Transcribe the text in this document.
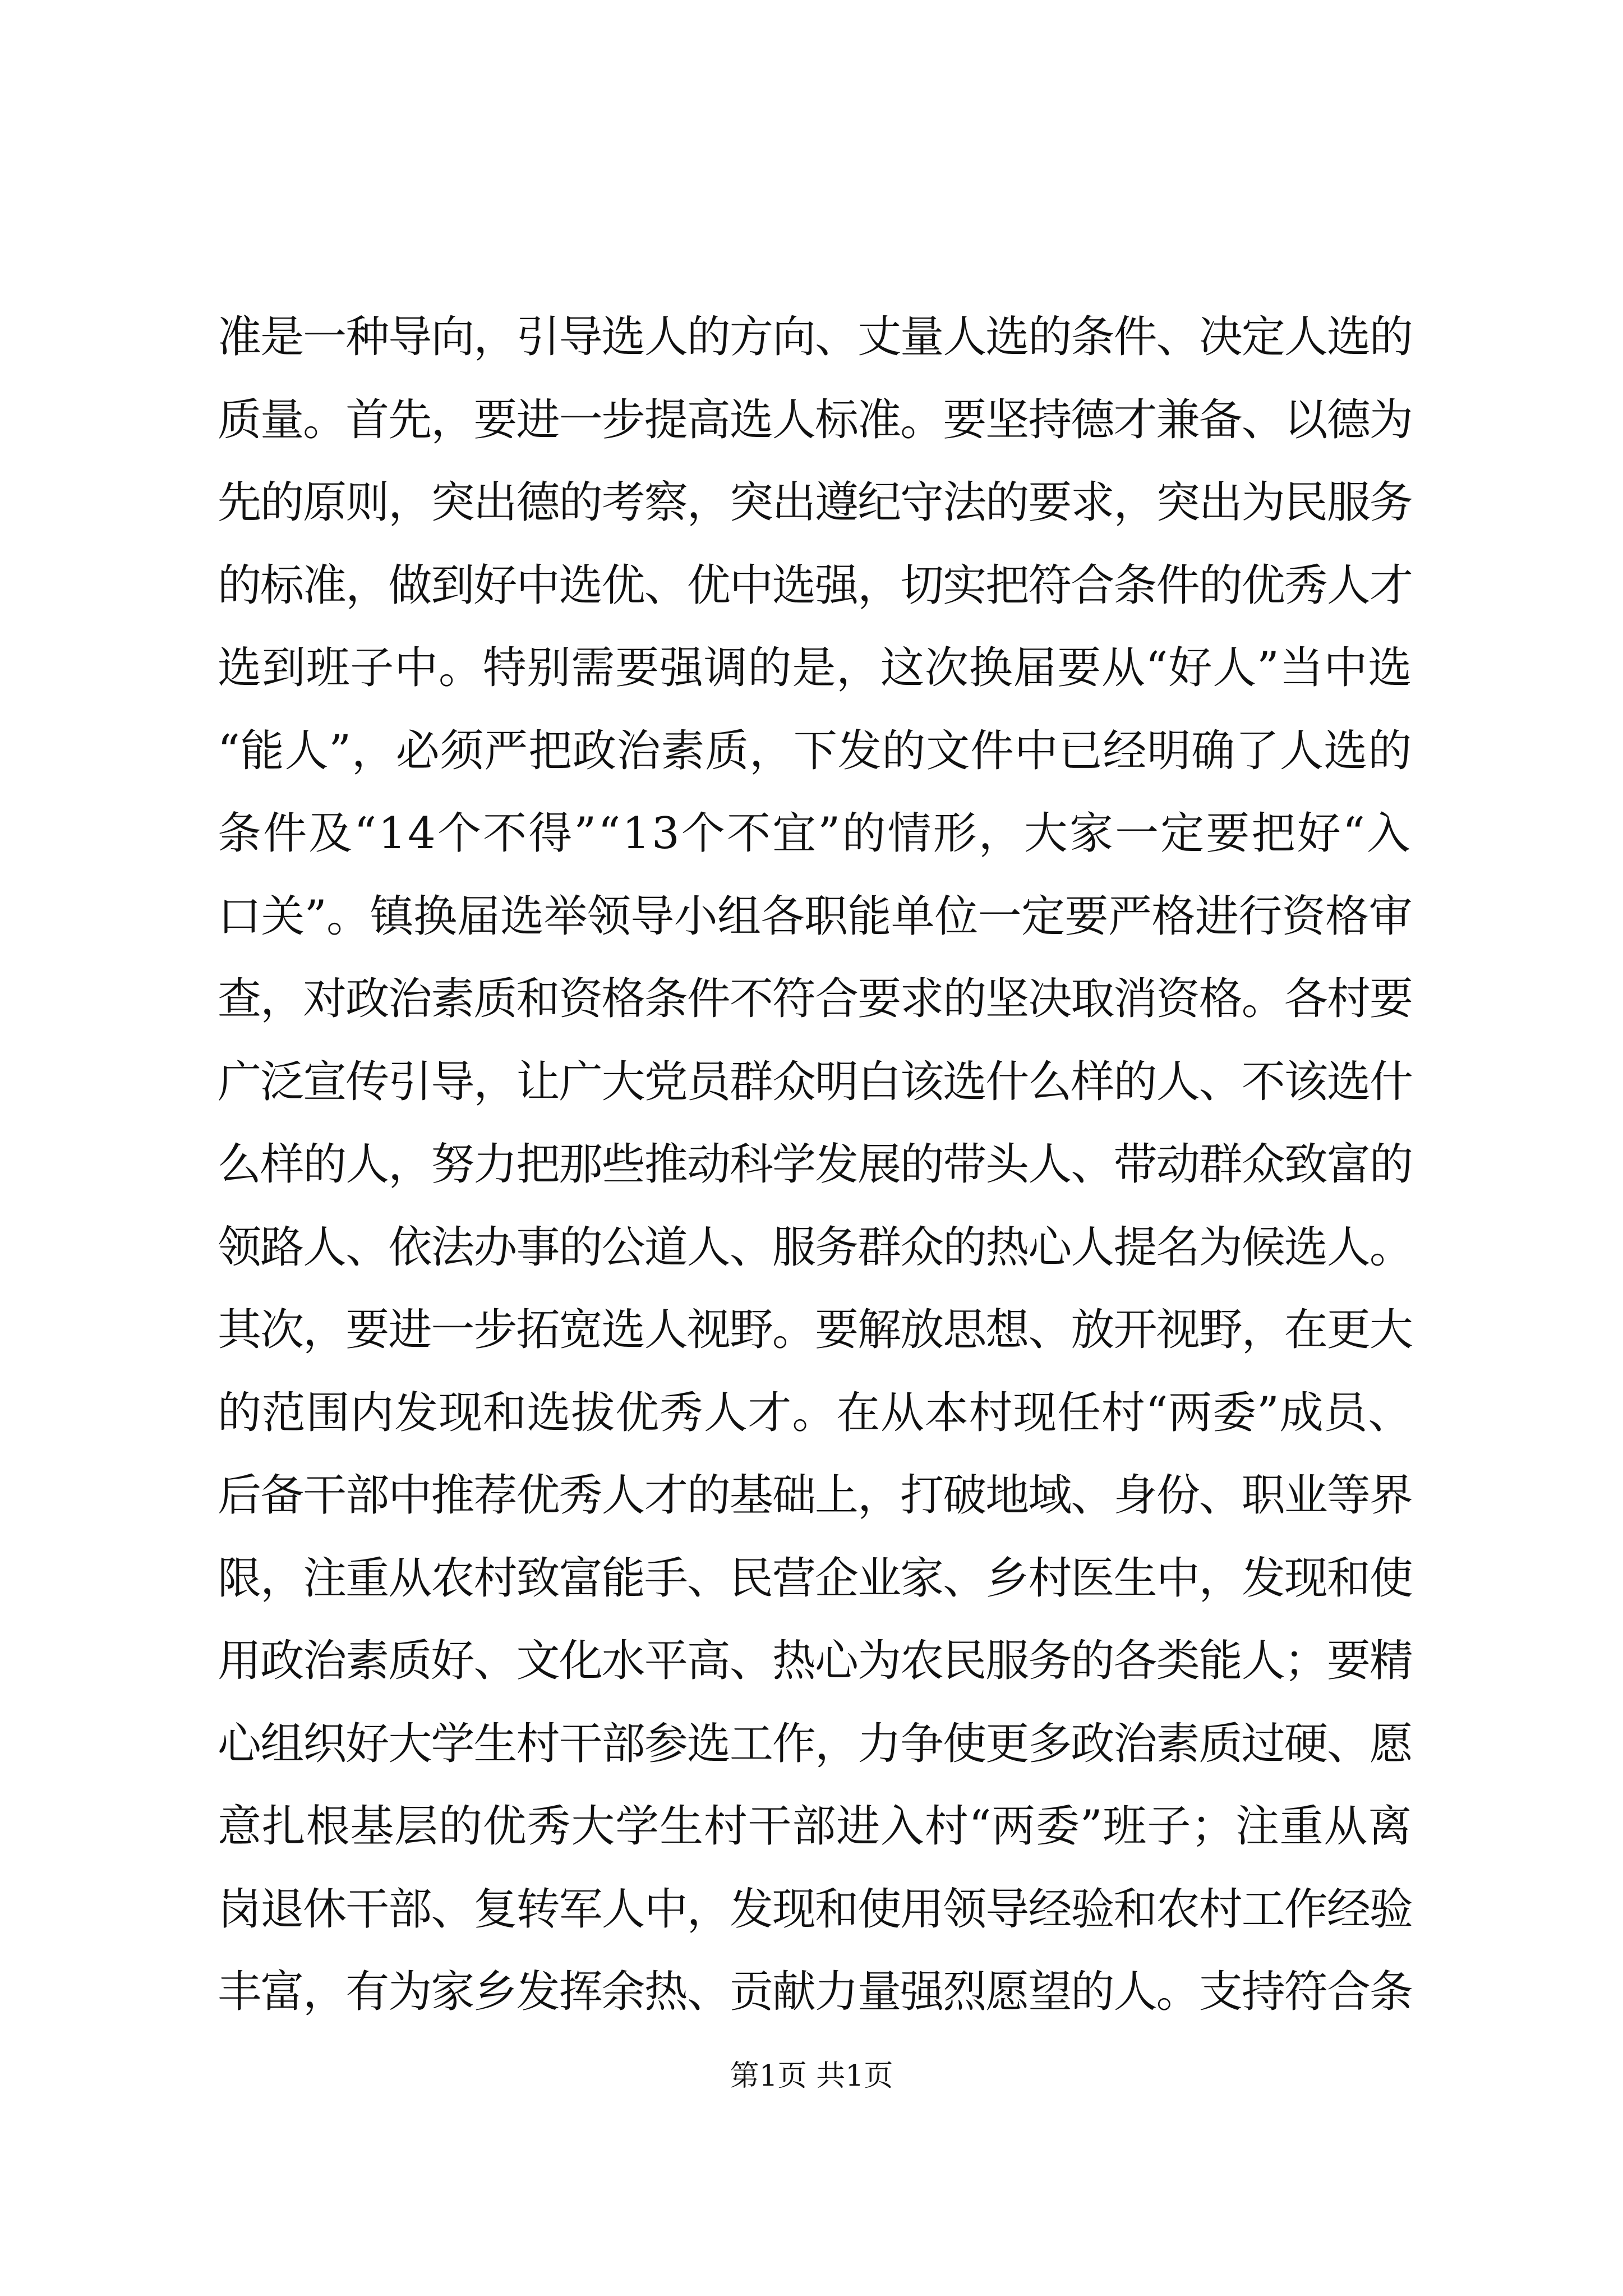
准是一种导向，引导选人的方向、丈量人选的条件、决定人选的
质量。首先，要进一步提高选人标准。要坚持德才兼备、以德为
先的原则，突出德的考察，突出遵纪守法的要求，突出为民服务
的标准，做到好中选优、优中选强，切实把符合条件的优秀人才
选到班子中。特别需要强调的是，这次换届要从“好人”当中选
“能人”，必须严把政治素质，下发的文件中已经明确了人选的
条件及“14个不得”“13个不宜”的情形，大家一定要把好“入
口关”。镇换届选举领导小组各职能单位一定要严格进行资格审
查，对政治素质和资格条件不符合要求的坚决取消资格。各村要
广泛宣传引导，让广大党员群众明白该选什么样的人、不该选什
么样的人，努力把那些推动科学发展的带头人、带动群众致富的
领路人、依法办事的公道人、服务群众的热心人提名为候选人。
其次，要进一步拓宽选人视野。要解放思想、放开视野，在更大
的范围内发现和选拔优秀人才。在从本村现任村“两委”成员、
后备干部中推荐优秀人才的基础上，打破地域、身份、职业等界
限，注重从农村致富能手、民营企业家、乡村医生中，发现和使
用政治素质好、文化水平高、热心为农民服务的各类能人；要精
心组织好大学生村干部参选工作，力争使更多政治素质过硬、愿
意扎根基层的优秀大学生村干部进入村“两委”班子；注重从离
岗退休干部、复转军人中，发现和使用领导经验和农村工作经验
丰富，有为家乡发挥余热、贡献力量强烈愿望的人。支持符合条
第1页 共1页
